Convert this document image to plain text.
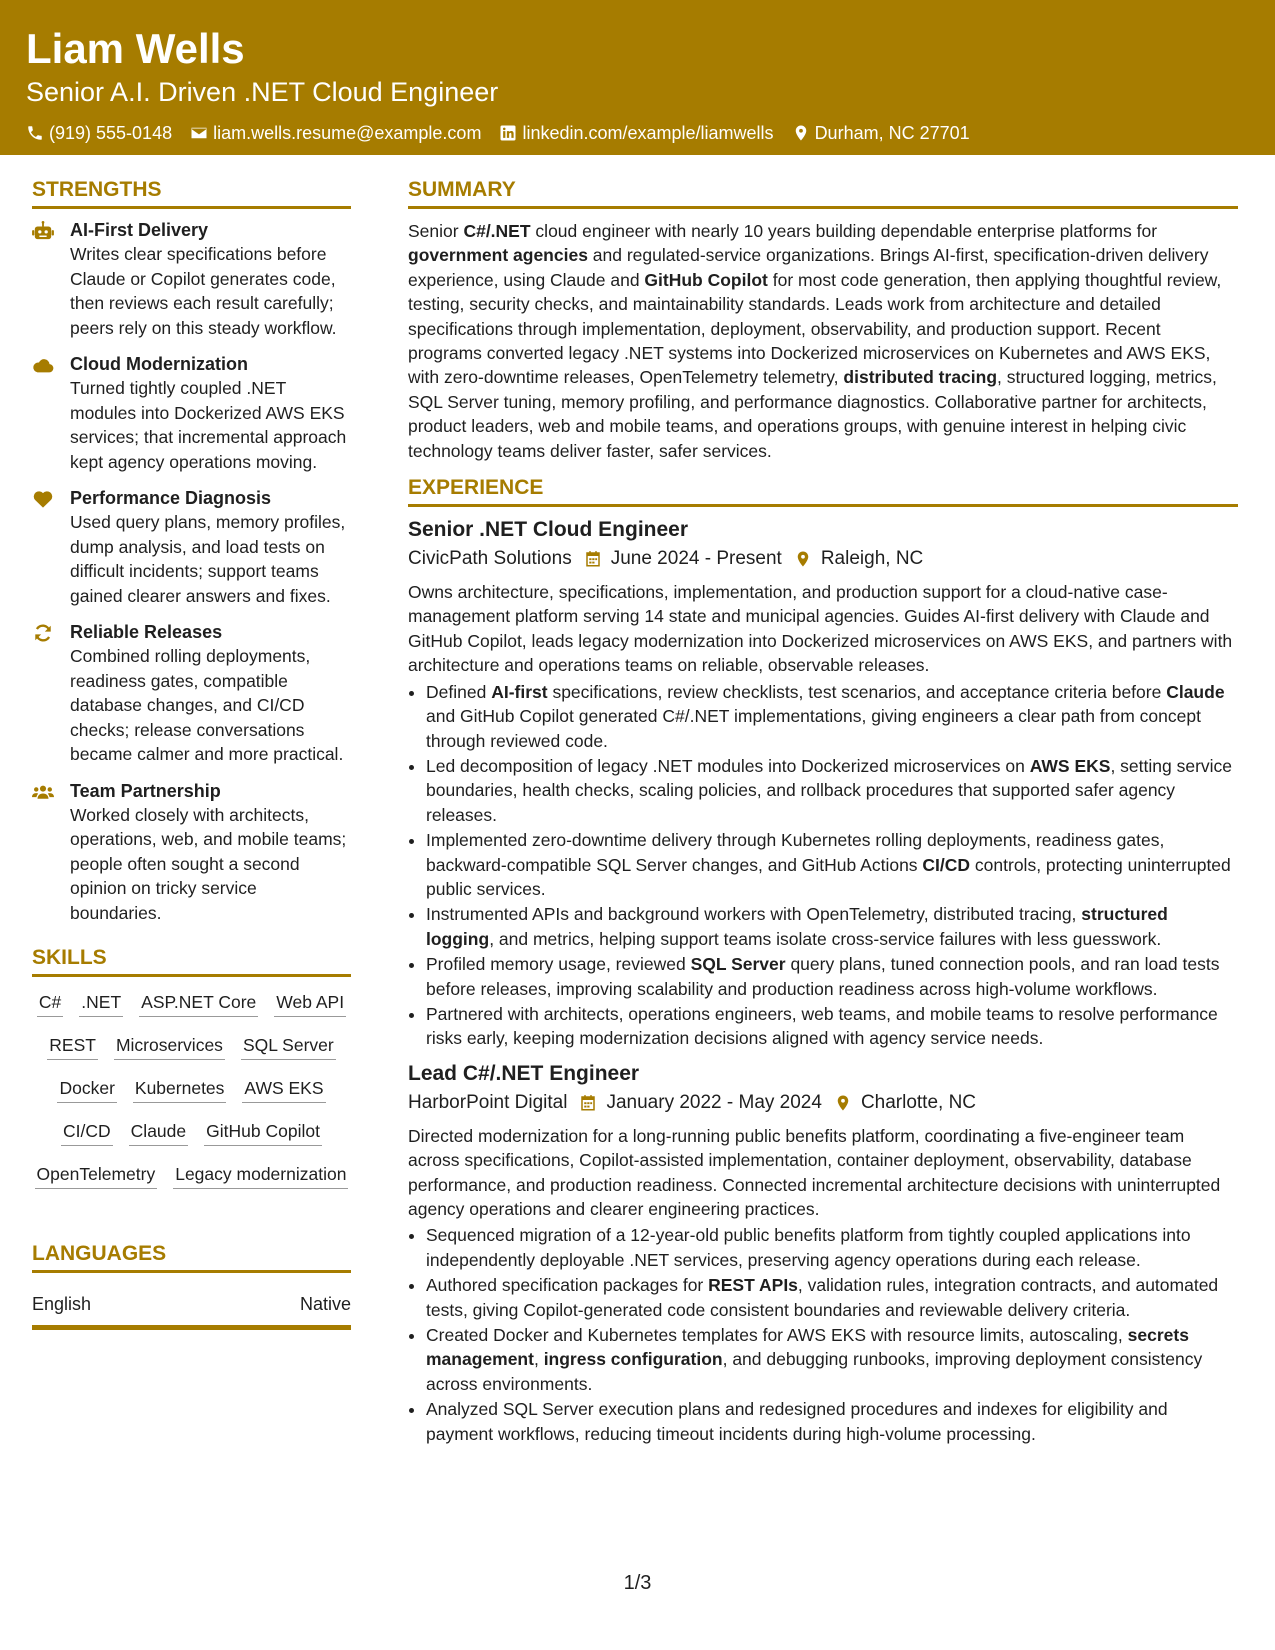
Liam Wells
Senior A.I. Driven .NET Cloud Engineer
(919) 555-0148 liam.wells.resume@example.com linkedin.com/example/liamwells Durham, NC 27701
STRENGTHS
AI-First Delivery
Writes clear specifications before Claude or Copilot generates code, then reviews each result carefully; peers rely on this steady workflow.
Cloud Modernization
Turned tightly coupled .NET modules into Dockerized AWS EKS services; that incremental approach kept agency operations moving.
Performance Diagnosis
Used query plans, memory profiles, dump analysis, and load tests on difficult incidents; support teams gained clearer answers and fixes.
Reliable Releases
Combined rolling deployments, readiness gates, compatible database changes, and CI/CD checks; release conversations became calmer and more practical.
Team Partnership
Worked closely with architects, operations, web, and mobile teams; people often sought a second opinion on tricky service boundaries.
SKILLS
C# .NET ASP.NET Core Web API
REST Microservices SQL Server
Docker Kubernetes AWS EKS
CI/CD Claude GitHub Copilot
OpenTelemetry Legacy modernization
LANGUAGES
English	Native
SUMMARY
Senior C#/.NET cloud engineer with nearly 10 years building dependable enterprise platforms for government agencies and regulated-service organizations. Brings AI-first, specification-driven delivery experience, using Claude and GitHub Copilot for most code generation, then applying thoughtful review, testing, security checks, and maintainability standards. Leads work from architecture and detailed specifications through implementation, deployment, observability, and production support. Recent programs converted legacy .NET systems into Dockerized microservices on Kubernetes and AWS EKS, with zero-downtime releases, OpenTelemetry telemetry, distributed tracing, structured logging, metrics, SQL Server tuning, memory profiling, and performance diagnostics. Collaborative partner for architects, product leaders, web and mobile teams, and operations groups, with genuine interest in helping civic technology teams deliver faster, safer services.
EXPERIENCE
Senior .NET Cloud Engineer
CivicPath Solutions June 2024 - Present Raleigh, NC
Owns architecture, specifications, implementation, and production support for a cloud-native case-management platform serving 14 state and municipal agencies. Guides AI-first delivery with Claude and GitHub Copilot, leads legacy modernization into Dockerized microservices on AWS EKS, and partners with architecture and operations teams on reliable, observable releases.
• Defined AI-first specifications, review checklists, test scenarios, and acceptance criteria before Claude and GitHub Copilot generated C#/.NET implementations, giving engineers a clear path from concept through reviewed code.
• Led decomposition of legacy .NET modules into Dockerized microservices on AWS EKS, setting service boundaries, health checks, scaling policies, and rollback procedures that supported safer agency releases.
• Implemented zero-downtime delivery through Kubernetes rolling deployments, readiness gates, backward-compatible SQL Server changes, and GitHub Actions CI/CD controls, protecting uninterrupted public services.
• Instrumented APIs and background workers with OpenTelemetry, distributed tracing, structured logging, and metrics, helping support teams isolate cross-service failures with less guesswork.
• Profiled memory usage, reviewed SQL Server query plans, tuned connection pools, and ran load tests before releases, improving scalability and production readiness across high-volume workflows.
• Partnered with architects, operations engineers, web teams, and mobile teams to resolve performance risks early, keeping modernization decisions aligned with agency service needs.
Lead C#/.NET Engineer
HarborPoint Digital January 2022 - May 2024 Charlotte, NC
Directed modernization for a long-running public benefits platform, coordinating a five-engineer team across specifications, Copilot-assisted implementation, container deployment, observability, database performance, and production readiness. Connected incremental architecture decisions with uninterrupted agency operations and clearer engineering practices.
• Sequenced migration of a 12-year-old public benefits platform from tightly coupled applications into independently deployable .NET services, preserving agency operations during each release.
• Authored specification packages for REST APIs, validation rules, integration contracts, and automated tests, giving Copilot-generated code consistent boundaries and reviewable delivery criteria.
• Created Docker and Kubernetes templates for AWS EKS with resource limits, autoscaling, secrets management, ingress configuration, and debugging runbooks, improving deployment consistency across environments.
• Analyzed SQL Server execution plans and redesigned procedures and indexes for eligibility and payment workflows, reducing timeout incidents during high-volume processing.
1/3
